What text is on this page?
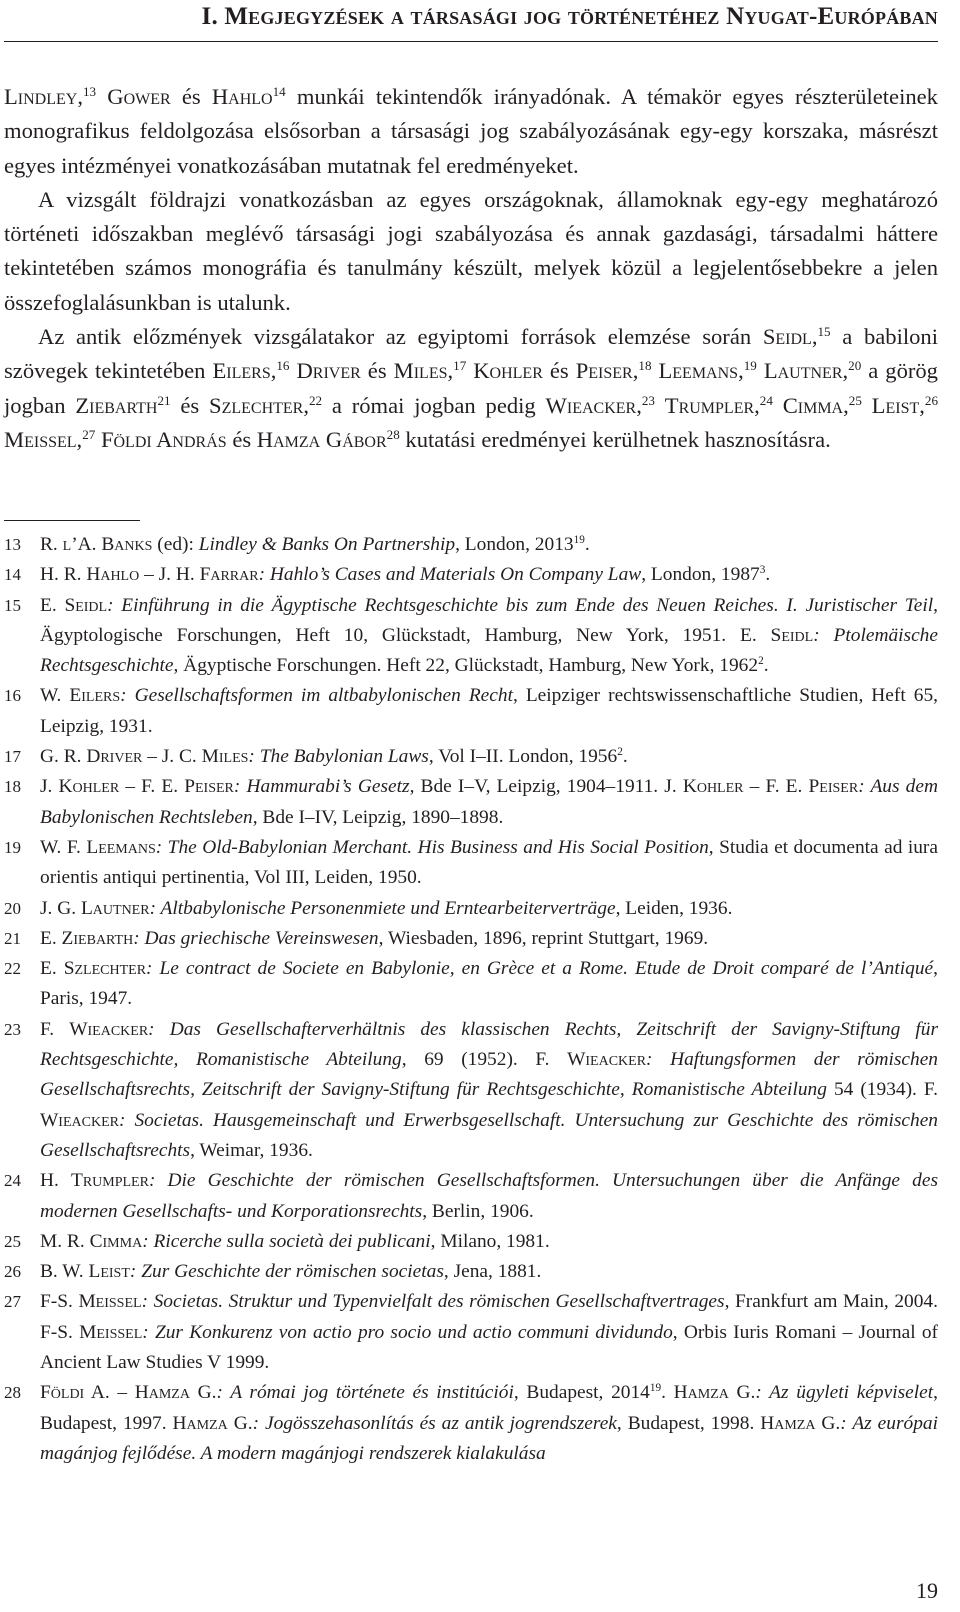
I. Megjegyzések a társasági jog történetéhez Nyugat-Európában

Lindley,$^{13}$ Gower és Hahlo$^{14}$ munkái tekintendők irányadónak. A témakör egyes részterületeinek monografikus feldolgozása elsősorban a társasági jog szabályozásának egy-egy korszaka, másrészt egyes intézményei vonatkozásában mutatnak fel eredményeket.

A vizsgált földrajzi vonatkozásban az egyes országoknak, államoknak egy-egy meghatározó történeti időszakban meglévő társasági jogi szabályozása és annak gazdasági, társadalmi háttere tekintetében számos monográfia és tanulmány készült, melyek közül a legjelentősebbekre a jelen összefoglalásunkban is utalunk.

Az antik előzmények vizsgálatakor az egyiptomi források elemzése során Seidl,$^{15}$ a babiloni szövegek tekintetében Eilers,$^{16}$ Driver és Miles,$^{17}$ Kohler és Peiser,$^{18}$ Leemans,$^{19}$ Lautner,$^{20}$ a görög jogban Ziebarth$^{21}$ és Szlechter,$^{22}$ a római jogban pedig Wieacker,$^{23}$ Trumpler,$^{24}$ Cimma,$^{25}$ Leist,$^{26}$ Meissel,$^{27}$ Földi András és Hamza Gábor$^{28}$ kutatási eredményei kerülhetnek hasznosításra.

13 R. l’A. Banks (ed): Lindley & Banks On Partnership, London, 2013$^{19}$.
14 H. R. Hahlo – J. H. Farrar: Hahlo’s Cases and Materials On Company Law, London, 1987$^3$.
15 E. Seidl: Einführung in die Ägyptische Rechtsgeschichte bis zum Ende des Neuen Reiches. I. Juristischer Teil, Ägyptologische Forschungen, Heft 10, Glückstadt, Hamburg, New York, 1951. E. Seidl: Ptolemäische Rechtsgeschichte, Ägyptische Forschungen. Heft 22, Glückstadt, Hamburg, New York, 1962$^2$.
16 W. Eilers: Gesellschaftsformen im altbabylonischen Recht, Leipziger rechtswissenschaftliche Studien, Heft 65, Leipzig, 1931.
17 G. R. Driver – J. C. Miles: The Babylonian Laws, Vol I–II. London, 1956$^2$.
18 J. Kohler – F. E. Peiser: Hammurabi’s Gesetz, Bde I–V, Leipzig, 1904–1911. J. Kohler – F. E. Peiser: Aus dem Babylonischen Rechtsleben, Bde I–IV, Leipzig, 1890–1898.
19 W. F. Leemans: The Old-Babylonian Merchant. His Business and His Social Position, Studia et documenta ad iura orientis antiqui pertinentia, Vol III, Leiden, 1950.
20 J. G. Lautner: Altbabylonische Personenmiete und Erntearbeiterverträge, Leiden, 1936.
21 E. Ziebarth: Das griechische Vereinswesen, Wiesbaden, 1896, reprint Stuttgart, 1969.
22 E. Szlechter: Le contract de Societe en Babylonie, en Grèce et a Rome. Etude de Droit comparé de l’Antiqué, Paris, 1947.
23 F. Wieacker: Das Gesellschafterverhältnis des klassischen Rechts, Zeitschrift der Savigny-Stiftung für Rechtsgeschichte, Romanistische Abteilung, 69 (1952). F. Wieacker: Haftungsformen der römischen Gesellschaftsrechts, Zeitschrift der Savigny-Stiftung für Rechtsgeschichte, Romanistische Abteilung 54 (1934). F. Wieacker: Societas. Hausgemeinschaft und Erwerbsgesellschaft. Untersuchung zur Geschichte des römischen Gesellschaftsrechts, Weimar, 1936.
24 H. Trumpler: Die Geschichte der römischen Gesellschaftsformen. Untersuchungen über die Anfänge des modernen Gesellschafts- und Korporationsrechts, Berlin, 1906.
25 M. R. Cimma: Ricerche sulla società dei publicani, Milano, 1981.
26 B. W. Leist: Zur Geschichte der römischen societas, Jena, 1881.
27 F-S. Meissel: Societas. Struktur und Typenvielfalt des römischen Gesellschaftvertrages, Frankfurt am Main, 2004. F-S. Meissel: Zur Konkurenz von actio pro socio und actio communi dividundo, Orbis Iuris Romani – Journal of Ancient Law Studies V 1999.
28 Földi A. – Hamza G.: A római jog története és institúciói, Budapest, 2014$^{19}$. Hamza G.: Az ügyleti képviselet, Budapest, 1997. Hamza G.: Jogösszehasonlítás és az antik jogrendszerek, Budapest, 1998. Hamza G.: Az európai magánjog fejlődése. A modern magánjogi rendszerek kialakulása
19
